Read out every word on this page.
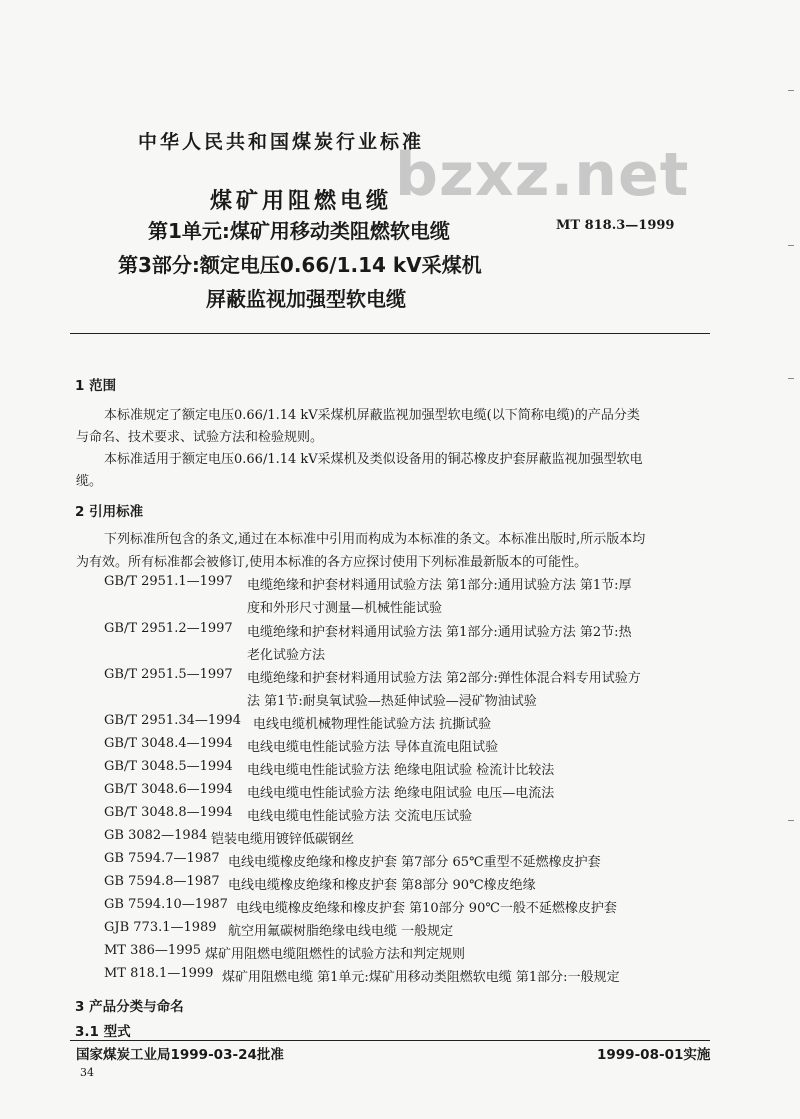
中华人民共和国煤炭行业标准
bzxz.net
煤矿用阻燃电缆
第1单元:煤矿用移动类阻燃软电缆
第3部分:额定电压0.66/1.14 kV采煤机
屏蔽监视加强型软电缆
MT 818.3—1999
1 范围
本标准规定了额定电压0.66/1.14 kV采煤机屏蔽监视加强型软电缆(以下简称电缆)的产品分类
与命名、技术要求、试验方法和检验规则。
本标准适用于额定电压0.66/1.14 kV采煤机及类似设备用的铜芯橡皮护套屏蔽监视加强型软电
缆。
2 引用标准
下列标准所包含的条文,通过在本标准中引用而构成为本标准的条文。本标准出版时,所示版本均
为有效。所有标准都会被修订,使用本标准的各方应探讨使用下列标准最新版本的可能性。
GB/T 2951.1—1997 电缆绝缘和护套材料通用试验方法 第1部分:通用试验方法 第1节:厚
度和外形尺寸测量—机械性能试验
GB/T 2951.2—1997 电缆绝缘和护套材料通用试验方法 第1部分:通用试验方法 第2节:热
老化试验方法
GB/T 2951.5—1997 电缆绝缘和护套材料通用试验方法 第2部分:弹性体混合料专用试验方
法 第1节:耐臭氧试验—热延伸试验—浸矿物油试验
GB/T 2951.34—1994 电线电缆机械物理性能试验方法 抗撕试验
GB/T 3048.4—1994 电线电缆电性能试验方法 导体直流电阻试验
GB/T 3048.5—1994 电线电缆电性能试验方法 绝缘电阻试验 检流计比较法
GB/T 3048.6—1994 电线电缆电性能试验方法 绝缘电阻试验 电压—电流法
GB/T 3048.8—1994 电线电缆电性能试验方法 交流电压试验
GB 3082—1984 铠装电缆用镀锌低碳钢丝
GB 7594.7—1987 电线电缆橡皮绝缘和橡皮护套 第7部分 65℃重型不延燃橡皮护套
GB 7594.8—1987 电线电缆橡皮绝缘和橡皮护套 第8部分 90℃橡皮绝缘
GB 7594.10—1987 电线电缆橡皮绝缘和橡皮护套 第10部分 90℃一般不延燃橡皮护套
GJB 773.1—1989 航空用氟碳树脂绝缘电线电缆 一般规定
MT 386—1995 煤矿用阻燃电缆阻燃性的试验方法和判定规则
MT 818.1—1999 煤矿用阻燃电缆 第1单元:煤矿用移动类阻燃软电缆 第1部分:一般规定
3 产品分类与命名
3.1 型式
国家煤炭工业局1999-03-24批准	1999-08-01实施
34
